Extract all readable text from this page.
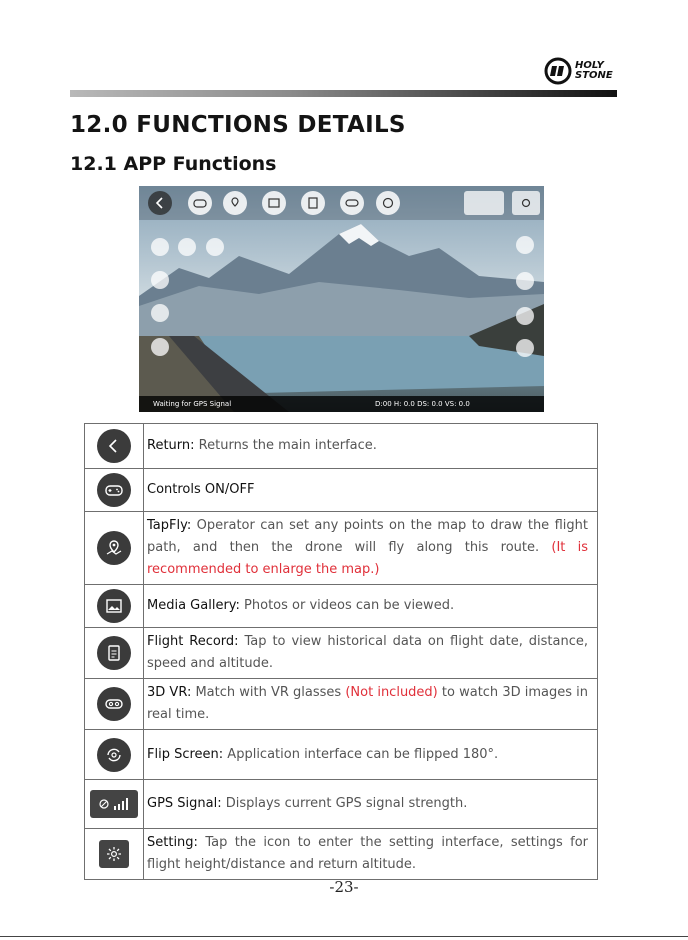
HOLY
STONE
12.0 FUNCTIONS DETAILS
12.1 APP Functions
Waiting for GPS Signal	D:00 H: 0.0 DS: 0.0 VS: 0.0
	Return: Returns the main interface.

	Controls ON/OFF

	TapFly: Operator can set any points on the map to draw the flight path, and then the drone will fly along this route. (It is recommended to enlarge the map.)

	Media Gallery: Photos or videos can be viewed.

	Flight Record: Tap to view historical data on flight date, distance, speed and altitude.

	3D VR: Match with VR glasses (Not included) to watch 3D images in real time.

	Flip Screen: Application interface can be flipped 180°.

	GPS Signal: Displays current GPS signal strength.

	Setting: Tap the icon to enter the setting interface, settings for flight height/distance and return altitude.
-23-
